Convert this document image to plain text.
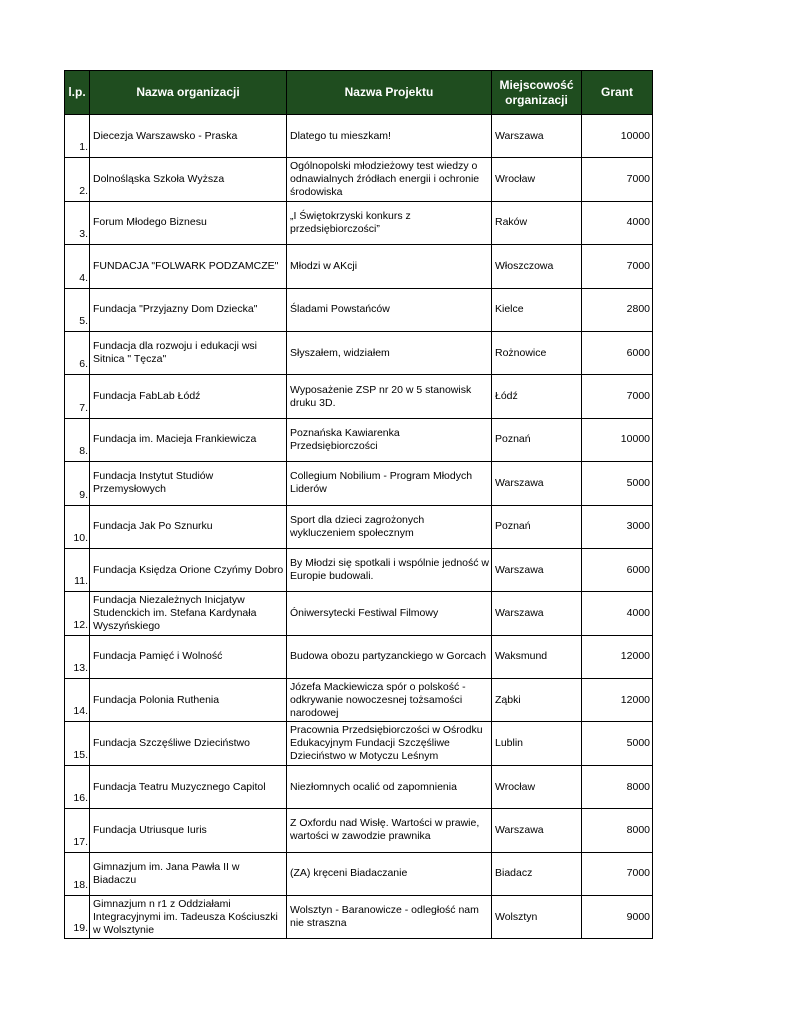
l.p.	Nazwa organizacji	Nazwa Projektu	Miejscowość organizacji	Grant
1.	Diecezja Warszawsko - Praska	Dlatego tu mieszkam!	Warszawa	10000
2.	Dolnośląska Szkoła Wyższa	Ogólnopolski młodzieżowy test wiedzy o odnawialnych źródłach energii i ochronie środowiska	Wrocław	7000
3.	Forum Młodego Biznesu	„I Świętokrzyski konkurs z przedsiębiorczości”	Raków	4000
4.	FUNDACJA "FOLWARK PODZAMCZE"	Młodzi w AKcji	Włoszczowa	7000
5.	Fundacja "Przyjazny Dom Dziecka"	Śladami Powstańców	Kielce	2800
6.	Fundacja dla rozwoju i edukacji wsi Sitnica " Tęcza"	Słyszałem, widziałem	Rożnowice	6000
7.	Fundacja FabLab Łódź	Wyposażenie ZSP nr 20 w 5 stanowisk druku 3D.	Łódź	7000
8.	Fundacja im. Macieja Frankiewicza	Poznańska Kawiarenka Przedsiębiorczości	Poznań	10000
9.	Fundacja Instytut Studiów Przemysłowych	Collegium Nobilium - Program Młodych Liderów	Warszawa	5000
10.	Fundacja Jak Po Sznurku	Sport dla dzieci zagrożonych wykluczeniem społecznym	Poznań	3000
11.	Fundacja Księdza Orione Czyńmy Dobro	By Młodzi się spotkali i wspólnie jedność w Europie budowali.	Warszawa	6000
12.	Fundacja Niezależnych Inicjatyw Studenckich im. Stefana Kardynała Wyszyńskiego	Óniwersytecki Festiwal Filmowy	Warszawa	4000
13.	Fundacja Pamięć i Wolność	Budowa obozu partyzanckiego w Gorcach	Waksmund	12000
14.	Fundacja Polonia Ruthenia	Józefa Mackiewicza spór o polskość - odkrywanie nowoczesnej tożsamości narodowej	Ząbki	12000
15.	Fundacja Szczęśliwe Dzieciństwo	Pracownia Przedsiębiorczości w Ośrodku Edukacyjnym Fundacji Szczęśliwe Dzieciństwo w Motyczu Leśnym	Lublin	5000
16.	Fundacja Teatru Muzycznego Capitol	Niezłomnych ocalić od zapomnienia	Wrocław	8000
17.	Fundacja Utriusque Iuris	Z Oxfordu nad Wisłę. Wartości w prawie, wartości w zawodzie prawnika	Warszawa	8000
18.	Gimnazjum im. Jana Pawła II w Biadaczu	(ZA) kręceni Biadaczanie	Biadacz	7000
19.	Gimnazjum n r1 z Oddziałami Integracyjnymi im. Tadeusza Kościuszki w Wolsztynie	Wolsztyn - Baranowicze - odległość nam nie straszna	Wolsztyn	9000
